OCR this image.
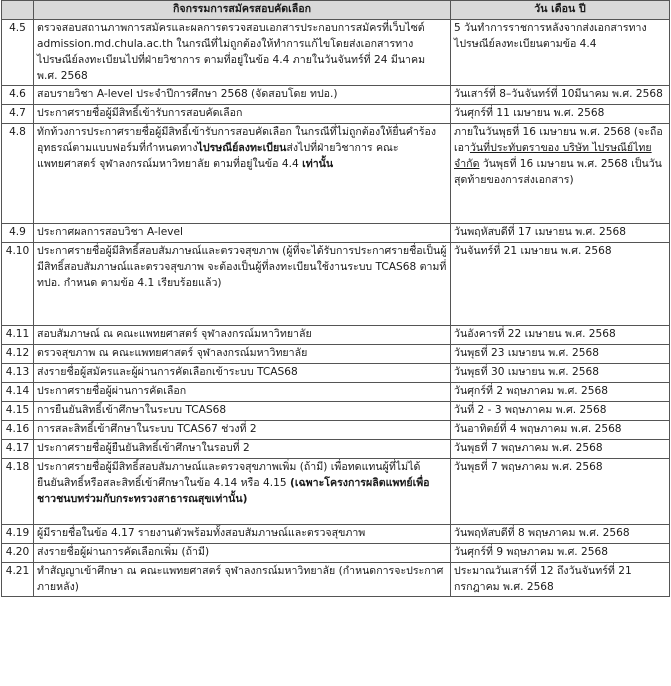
	กิจกรรมการสมัครสอบคัดเลือก	วัน เดือน ปี
4.5	ตรวจสอบสถานภาพการสมัครและผลการตรวจสอบเอกสารประกอบการสมัครที่เว็บไซต์ admission.md.chula.ac.th ในกรณีที่ไม่ถูกต้องให้ทำการแก้ไขโดยส่งเอกสารทางไปรษณีย์ลงทะเบียนไปที่ฝ่ายวิชาการ ตามที่อยู่ในข้อ 4.4 ภายในวันจันทร์ที่ 24 มีนาคม พ.ศ. 2568	5 วันทำการราชการหลังจากส่งเอกสารทางไปรษณีย์ลงทะเบียนตามข้อ 4.4
4.6	สอบรายวิชา A-level ประจำปีการศึกษา 2568 (จัดสอบโดย ทปอ.)	วันเสาร์ที่ 8–วันจันทร์ที่ 10มีนาคม พ.ศ. 2568
4.7	ประกาศรายชื่อผู้มีสิทธิ์เข้ารับการสอบคัดเลือก	วันศุกร์ที่ 11 เมษายน พ.ศ. 2568
4.8	ทักท้วงการประกาศรายชื่อผู้มีสิทธิ์เข้ารับการสอบคัดเลือก ในกรณีที่ไม่ถูกต้องให้ยื่นคำร้องอุทธรณ์ตามแบบฟอร์มที่กำหนดทางไปรษณีย์ลงทะเบียนส่งไปที่ฝ่ายวิชาการ คณะแพทยศาสตร์ จุฬาลงกรณ์มหาวิทยาลัย ตามที่อยู่ในข้อ 4.4 เท่านั้น	ภายในวันพุธที่ 16 เมษายน พ.ศ. 2568 (จะถือเอาวันที่ประทับตราของ บริษัท ไปรษณีย์ไทย จำกัด วันพุธที่ 16 เมษายน พ.ศ. 2568 เป็นวันสุดท้ายของการส่งเอกสาร)
4.9	ประกาศผลการสอบวิชา A-level	วันพฤหัสบดีที่ 17 เมษายน พ.ศ. 2568
4.10	ประกาศรายชื่อผู้มีสิทธิ์สอบสัมภาษณ์และตรวจสุขภาพ (ผู้ที่จะได้รับการประกาศรายชื่อเป็นผู้มีสิทธิ์สอบสัมภาษณ์และตรวจสุขภาพ จะต้องเป็นผู้ที่ลงทะเบียนใช้งานระบบ TCAS68 ตามที่ ทปอ. กำหนด ตามข้อ 4.1 เรียบร้อยแล้ว)	วันจันทร์ที่ 21 เมษายน พ.ศ. 2568
4.11	สอบสัมภาษณ์ ณ คณะแพทยศาสตร์ จุฬาลงกรณ์มหาวิทยาลัย	วันอังคารที่ 22 เมษายน พ.ศ. 2568
4.12	ตรวจสุขภาพ ณ คณะแพทยศาสตร์ จุฬาลงกรณ์มหาวิทยาลัย	วันพุธที่ 23 เมษายน พ.ศ. 2568
4.13	ส่งรายชื่อผู้สมัครและผู้ผ่านการคัดเลือกเข้าระบบ TCAS68	วันพุธที่ 30 เมษายน พ.ศ. 2568
4.14	ประกาศรายชื่อผู้ผ่านการคัดเลือก	วันศุกร์ที่ 2 พฤษภาคม พ.ศ. 2568
4.15	การยืนยันสิทธิ์เข้าศึกษาในระบบ TCAS68	วันที่ 2 - 3 พฤษภาคม พ.ศ. 2568
4.16	การสละสิทธิ์เข้าศึกษาในระบบ TCAS67 ช่วงที่ 2	วันอาทิตย์ที่ 4 พฤษภาคม พ.ศ. 2568
4.17	ประกาศรายชื่อผู้ยืนยันสิทธิ์เข้าศึกษาในรอบที่ 2	วันพุธที่ 7 พฤษภาคม พ.ศ. 2568
4.18	ประกาศรายชื่อผู้มีสิทธิ์สอบสัมภาษณ์และตรวจสุขภาพเพิ่ม (ถ้ามี) เพื่อทดแทนผู้ที่ไม่ได้ยืนยันสิทธิ์หรือสละสิทธิ์เข้าศึกษาในข้อ 4.14 หรือ 4.15 (เฉพาะโครงการผลิตแพทย์เพื่อชาวชนบทร่วมกับกระทรวงสาธารณสุขเท่านั้น)	วันพุธที่ 7 พฤษภาคม พ.ศ. 2568
4.19	ผู้มีรายชื่อในข้อ 4.17 รายงานตัวพร้อมทั้งสอบสัมภาษณ์และตรวจสุขภาพ	วันพฤหัสบดีที่ 8 พฤษภาคม พ.ศ. 2568
4.20	ส่งรายชื่อผู้ผ่านการคัดเลือกเพิ่ม (ถ้ามี)	วันศุกร์ที่ 9 พฤษภาคม พ.ศ. 2568
4.21	ทำสัญญาเข้าศึกษา ณ คณะแพทยศาสตร์ จุฬาลงกรณ์มหาวิทยาลัย (กำหนดการจะประกาศภายหลัง)	ประมาณวันเสาร์ที่ 12 ถึงวันจันทร์ที่ 21 กรกฎาคม พ.ศ. 2568
